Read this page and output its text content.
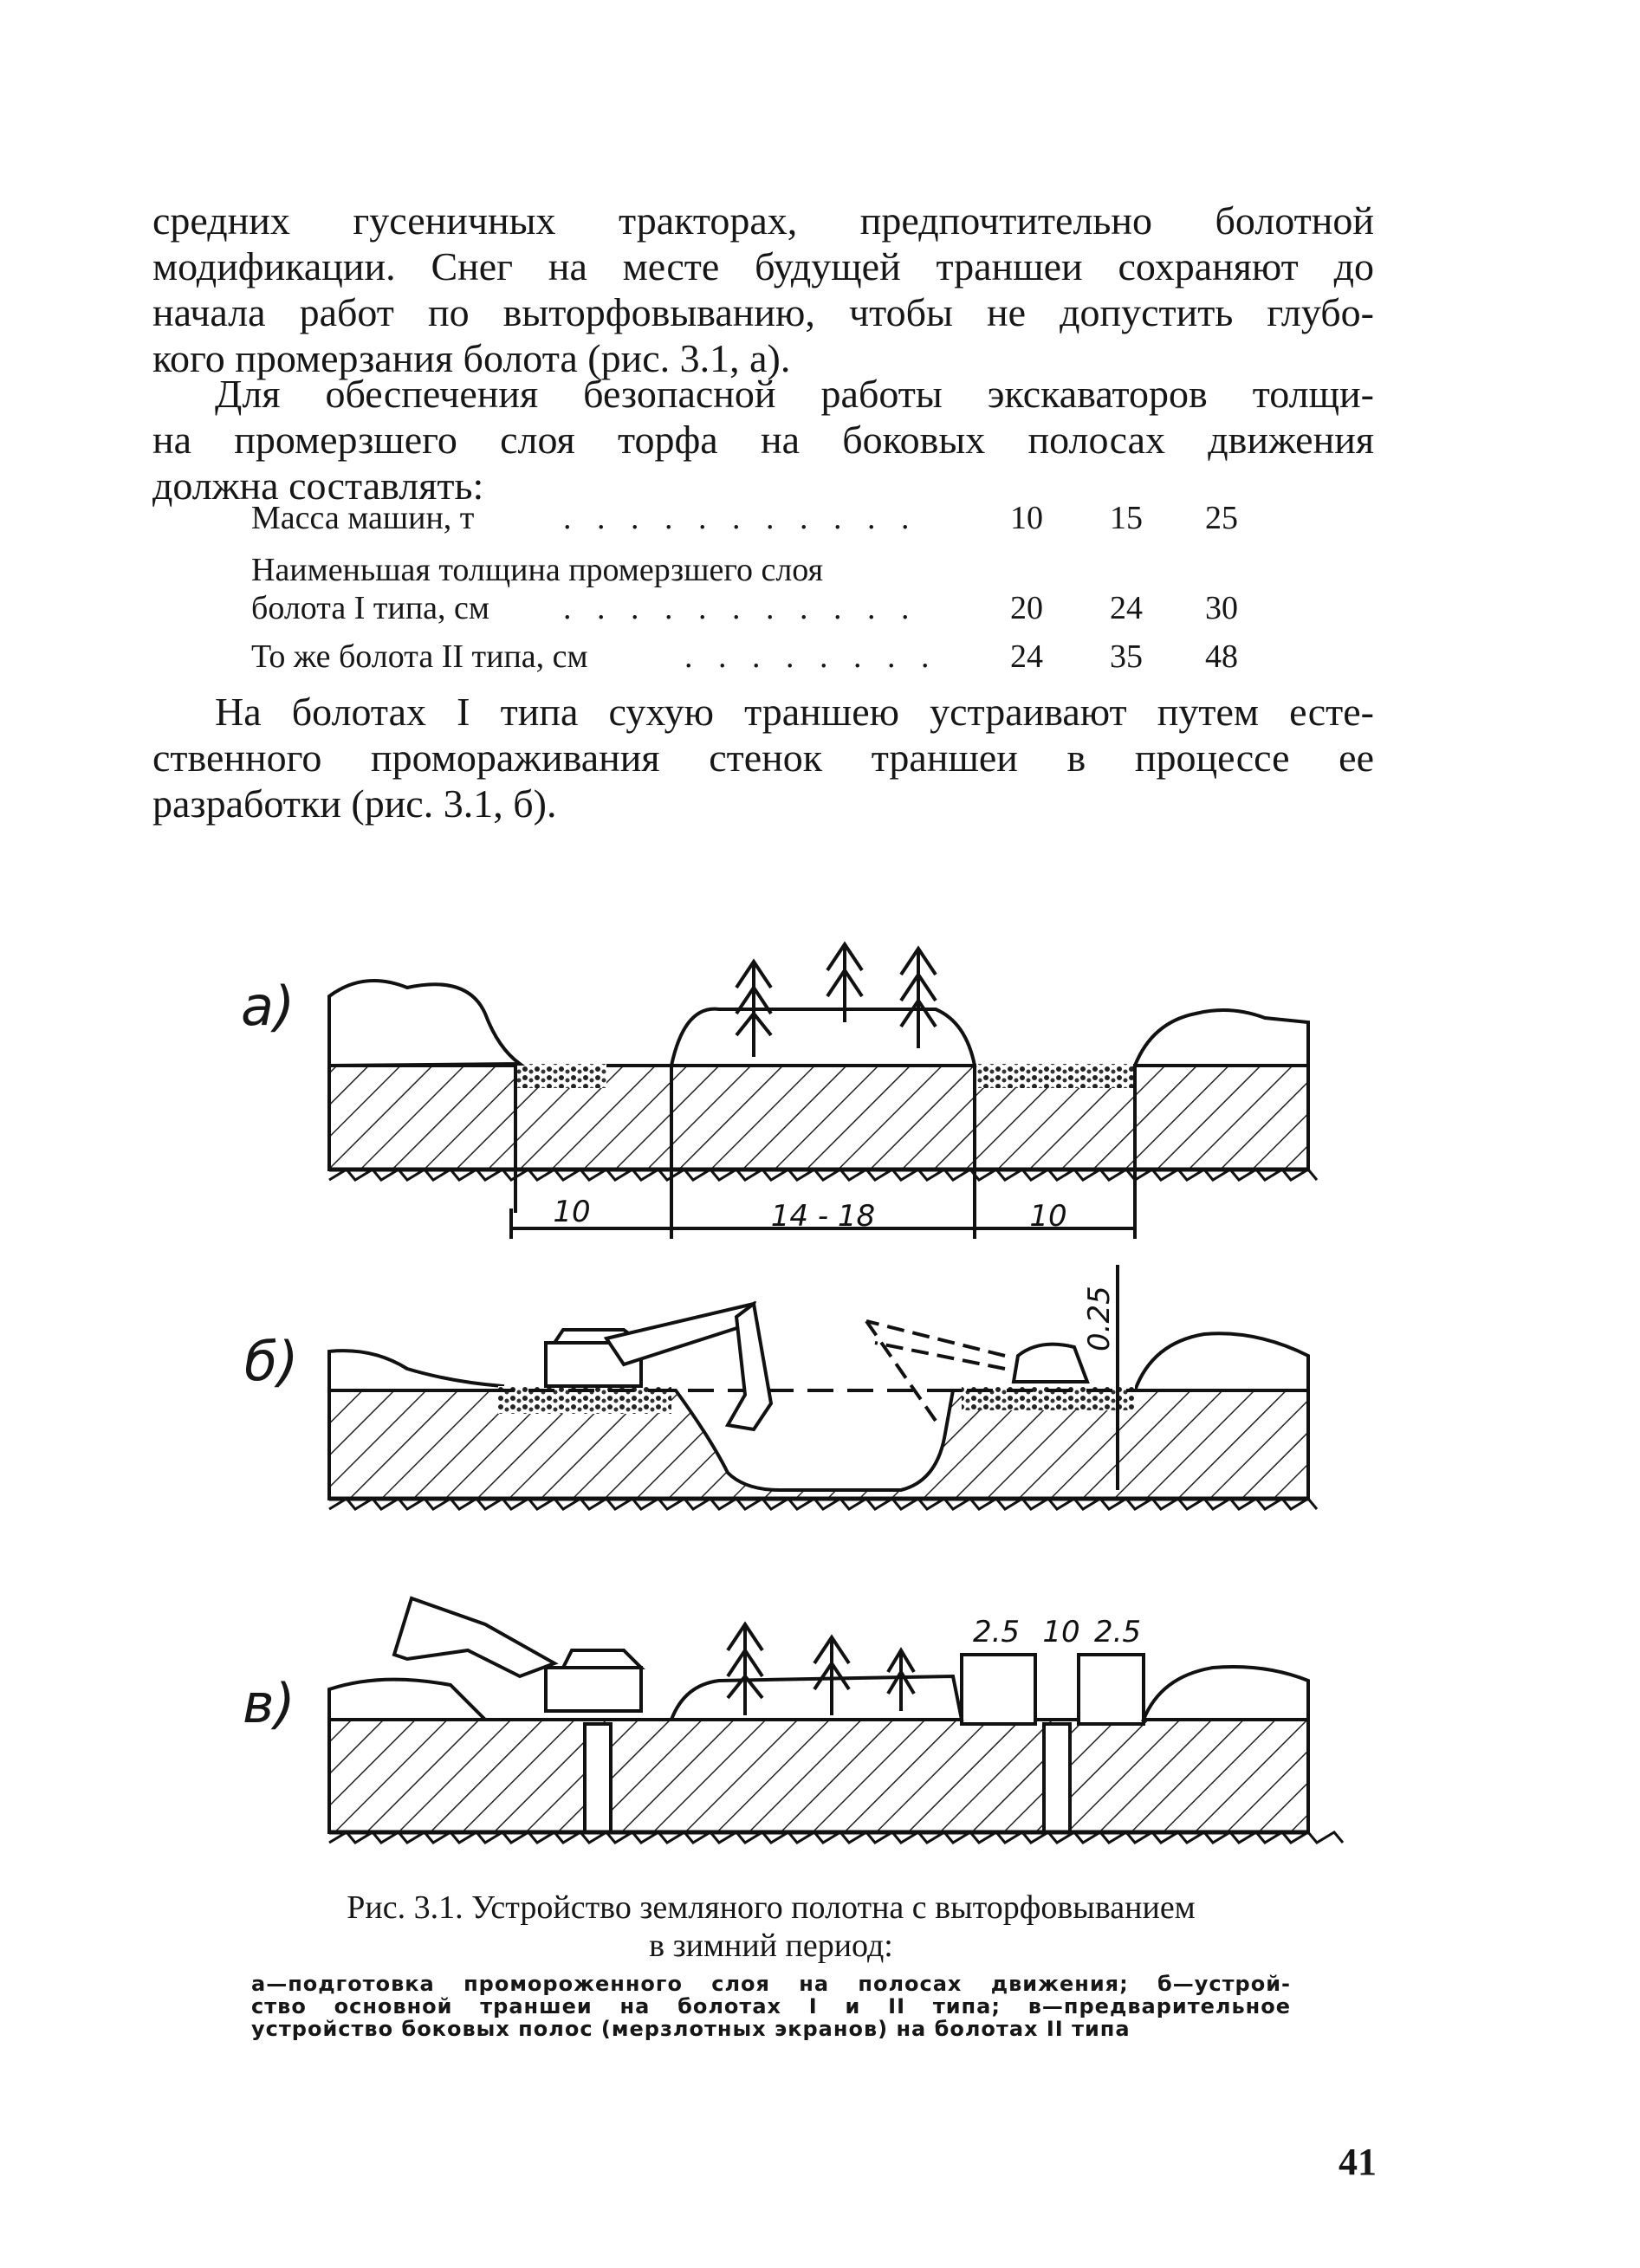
средних гусеничных тракторах, предпочтительно болотной
модификации. Снег на месте будущей траншеи сохраняют до
начала работ по выторфовыванию, чтобы не допустить глубо-
кого промерзания болота (рис. 3.1, а).
Для обеспечения безопасной работы экскаваторов толщи-
на промерзшего слоя торфа на боковых полосах движения
должна составлять:
Масса машин, т	. . . . . . . . . . .	10	15	25
Наименьшая толщина промерзшего слоя
болота I типа, см . . . . . . . . . . .	20	24	30
То же болота II типа, см	. . . . . . . .	24	35	48
На болотах I типа сухую траншею устраивают путем есте-
ственного промораживания стенок траншеи в процессе ее
разработки (рис. 3.1, б).
а)
б)
в)
10	14 - 18	10
0.25
2.5 10 2.5
Рис. 3.1. Устройство земляного полотна с выторфовыванием
в зимний период:
а—подготовка промороженного слоя на полосах движения; б—устрой-
ство основной траншеи на болотах I и II типа; в—предварительное
устройство боковых полос (мерзлотных экранов) на болотах II типа
41
